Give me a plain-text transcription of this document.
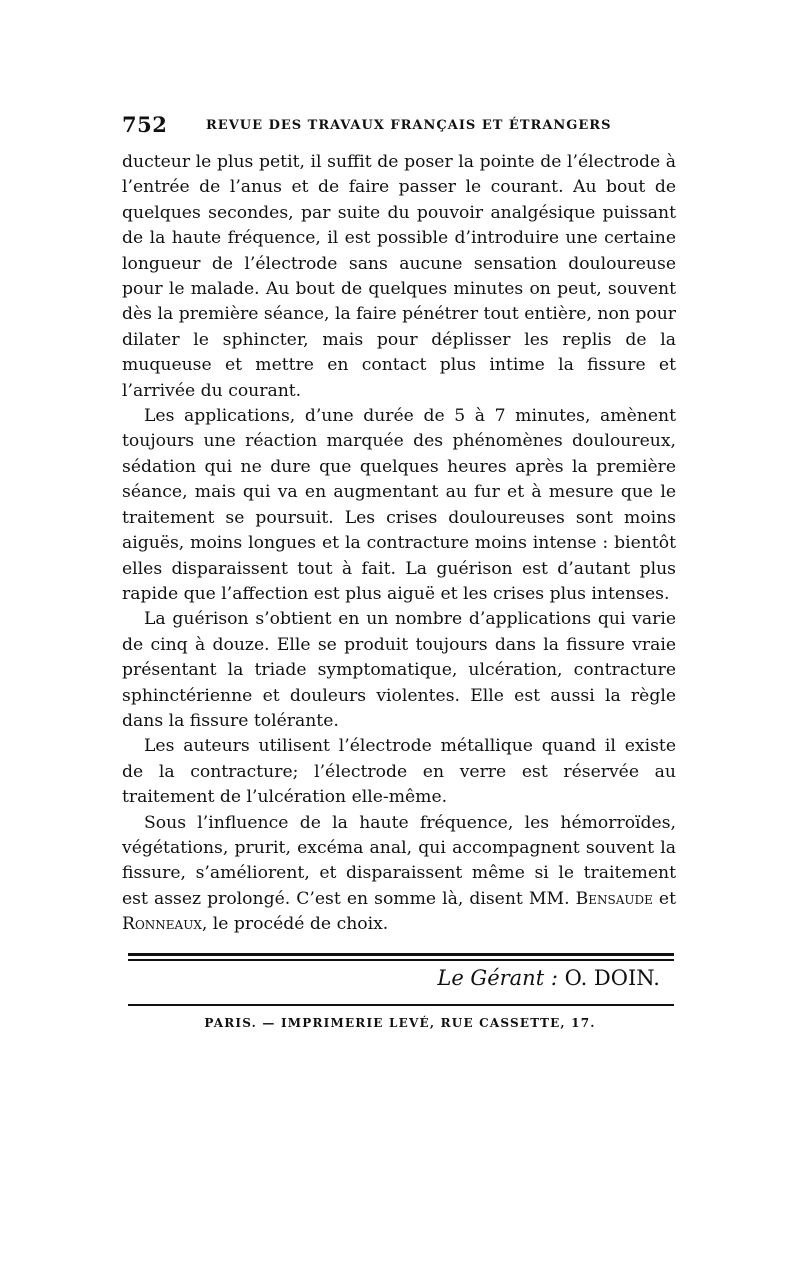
752	REVUE DES TRAVAUX FRANÇAIS ET ÉTRANGERS

ducteur le plus petit, il suffit de poser la pointe de l’électrode à l’entrée de l’anus et de faire passer le courant. Au bout de quelques secondes, par suite du pouvoir analgésique puissant de la haute fréquence, il est possible d’introduire une certaine longueur de l’électrode sans aucune sensation douloureuse pour le malade. Au bout de quelques minutes on peut, souvent dès la première séance, la faire pénétrer tout entière, non pour dilater le sphincter, mais pour déplisser les replis de la muqueuse et mettre en contact plus intime la fissure et l’arrivée du courant.

Les applications, d’une durée de 5 à 7 minutes, amènent toujours une réaction marquée des phénomènes douloureux, sédation qui ne dure que quelques heures après la première séance, mais qui va en augmentant au fur et à mesure que le traitement se poursuit. Les crises douloureuses sont moins aiguës, moins longues et la contracture moins intense : bientôt elles disparaissent tout à fait. La guérison est d’autant plus rapide que l’affection est plus aiguë et les crises plus intenses.

La guérison s’obtient en un nombre d’applications qui varie de cinq à douze. Elle se produit toujours dans la fissure vraie présentant la triade symptomatique, ulcération, contracture sphinctérienne et douleurs violentes. Elle est aussi la règle dans la fissure tolérante.

Les auteurs utilisent l’électrode métallique quand il existe de la contracture; l’électrode en verre est réservée au traitement de l’ulcération elle-même.

Sous l’influence de la haute fréquence, les hémorroïdes, végétations, prurit, excéma anal, qui accompagnent souvent la fissure, s’améliorent, et disparaissent même si le traitement est assez prolongé. C’est en somme là, disent MM. Bensaude et Ronneaux, le procédé de choix.

Le Gérant : O. DOIN.
PARIS. — IMPRIMERIE LEVÉ, RUE CASSETTE, 17.
